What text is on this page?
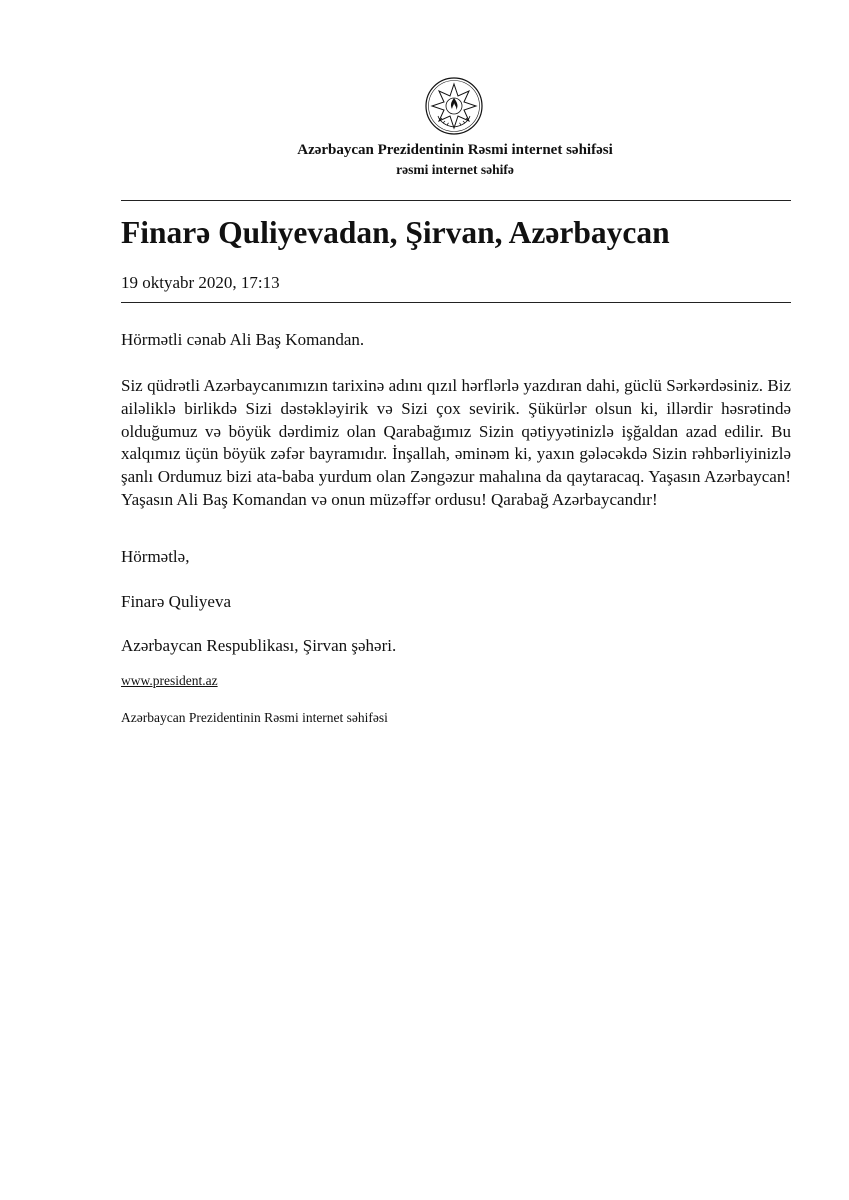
Azərbaycan Prezidentinin Rəsmi internet səhifəsi
rəsmi internet səhifə
Finarə Quliyevadan, Şirvan, Azərbaycan
19 oktyabr 2020, 17:13
Hörmətli cənab Ali Baş Komandan.
Siz qüdrətli Azərbaycanımızın tarixinə adını qızıl hərflərlə yazdıran dahi, güclü Sərkərdəsiniz. Biz ailəliklə birlikdə Sizi dəstəkləyirik və Sizi çox sevirik. Şükürlər olsun ki, illərdir həsrətində olduğumuz və böyük dərdimiz olan Qarabağımız Sizin qətiyyətinizlə işğaldan azad edilir. Bu xalqımız üçün böyük zəfər bayramıdır. İnşallah, əminəm ki, yaxın gələcəkdə Sizin rəhbərliyinizlə şanlı Ordumuz bizi ata-baba yurdum olan Zəngəzur mahalına da qaytaracaq. Yaşasın Azərbaycan! Yaşasın Ali Baş Komandan və onun müzəffər ordusu! Qarabağ Azərbaycandır!
Hörmətlə,
Finarə Quliyeva
Azərbaycan Respublikası, Şirvan şəhəri.
www.president.az
Azərbaycan Prezidentinin Rəsmi internet səhifəsi
